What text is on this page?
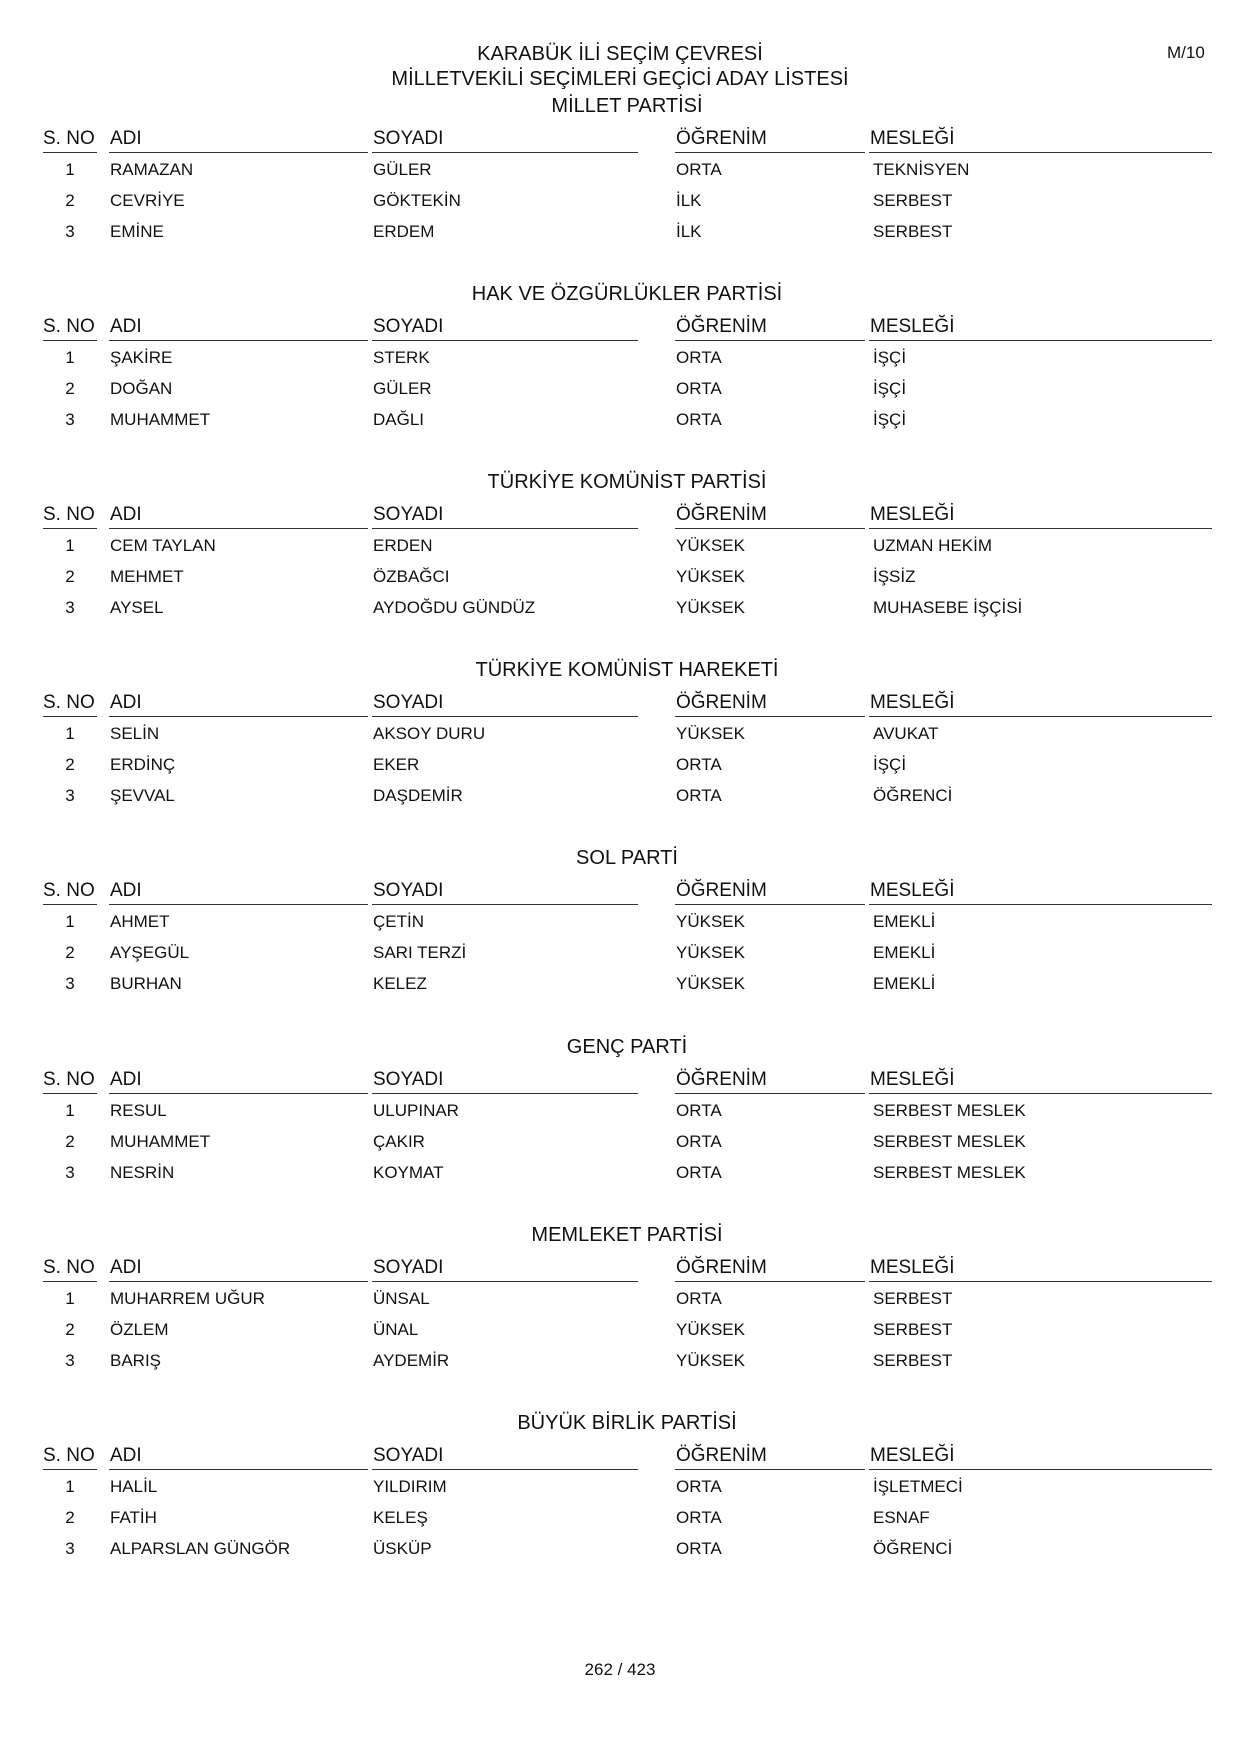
M/10
KARABÜK İLİ SEÇİM ÇEVRESİ
MİLLETVEKİLİ SEÇİMLERİ GEÇİCİ ADAY LİSTESİ
MİLLET PARTİSİ
S. NO ADI	SOYADI	ÖĞRENİM	MESLEĞİ
1	RAMAZAN	GÜLER	ORTA	TEKNİSYEN
2	CEVRİYE	GÖKTEKİN	İLK	SERBEST
3	EMİNE	ERDEM	İLK	SERBEST
HAK VE ÖZGÜRLÜKLER PARTİSİ
S. NO ADI	SOYADI	ÖĞRENİM	MESLEĞİ
1	ŞAKİRE	STERK	ORTA	İŞÇİ
2	DOĞAN	GÜLER	ORTA	İŞÇİ
3	MUHAMMET	DAĞLI	ORTA	İŞÇİ
TÜRKİYE KOMÜNİST PARTİSİ
S. NO ADI	SOYADI	ÖĞRENİM	MESLEĞİ
1	CEM TAYLAN	ERDEN	YÜKSEK	UZMAN HEKİM
2	MEHMET	ÖZBAĞCI	YÜKSEK	İŞSİZ
3	AYSEL	AYDOĞDU GÜNDÜZ	YÜKSEK	MUHASEBE İŞÇİSİ
TÜRKİYE KOMÜNİST HAREKETİ
S. NO ADI	SOYADI	ÖĞRENİM	MESLEĞİ
1	SELİN	AKSOY DURU	YÜKSEK	AVUKAT
2	ERDİNÇ	EKER	ORTA	İŞÇİ
3	ŞEVVAL	DAŞDEMİR	ORTA	ÖĞRENCİ
SOL PARTİ
S. NO ADI	SOYADI	ÖĞRENİM	MESLEĞİ
1	AHMET	ÇETİN	YÜKSEK	EMEKLİ
2	AYŞEGÜL	SARI TERZİ	YÜKSEK	EMEKLİ
3	BURHAN	KELEZ	YÜKSEK	EMEKLİ
GENÇ PARTİ
S. NO ADI	SOYADI	ÖĞRENİM	MESLEĞİ
1	RESUL	ULUPINAR	ORTA	SERBEST MESLEK
2	MUHAMMET	ÇAKIR	ORTA	SERBEST MESLEK
3	NESRİN	KOYMAT	ORTA	SERBEST MESLEK
MEMLEKET PARTİSİ
S. NO ADI	SOYADI	ÖĞRENİM	MESLEĞİ
1	MUHARREM UĞUR	ÜNSAL	ORTA	SERBEST
2	ÖZLEM	ÜNAL	YÜKSEK	SERBEST
3	BARIŞ	AYDEMİR	YÜKSEK	SERBEST
BÜYÜK BİRLİK PARTİSİ
S. NO ADI	SOYADI	ÖĞRENİM	MESLEĞİ
1	HALİL	YILDIRIM	ORTA	İŞLETMECİ
2	FATİH	KELEŞ	ORTA	ESNAF
3	ALPARSLAN GÜNGÖR	ÜSKÜP	ORTA	ÖĞRENCİ
262 / 423
